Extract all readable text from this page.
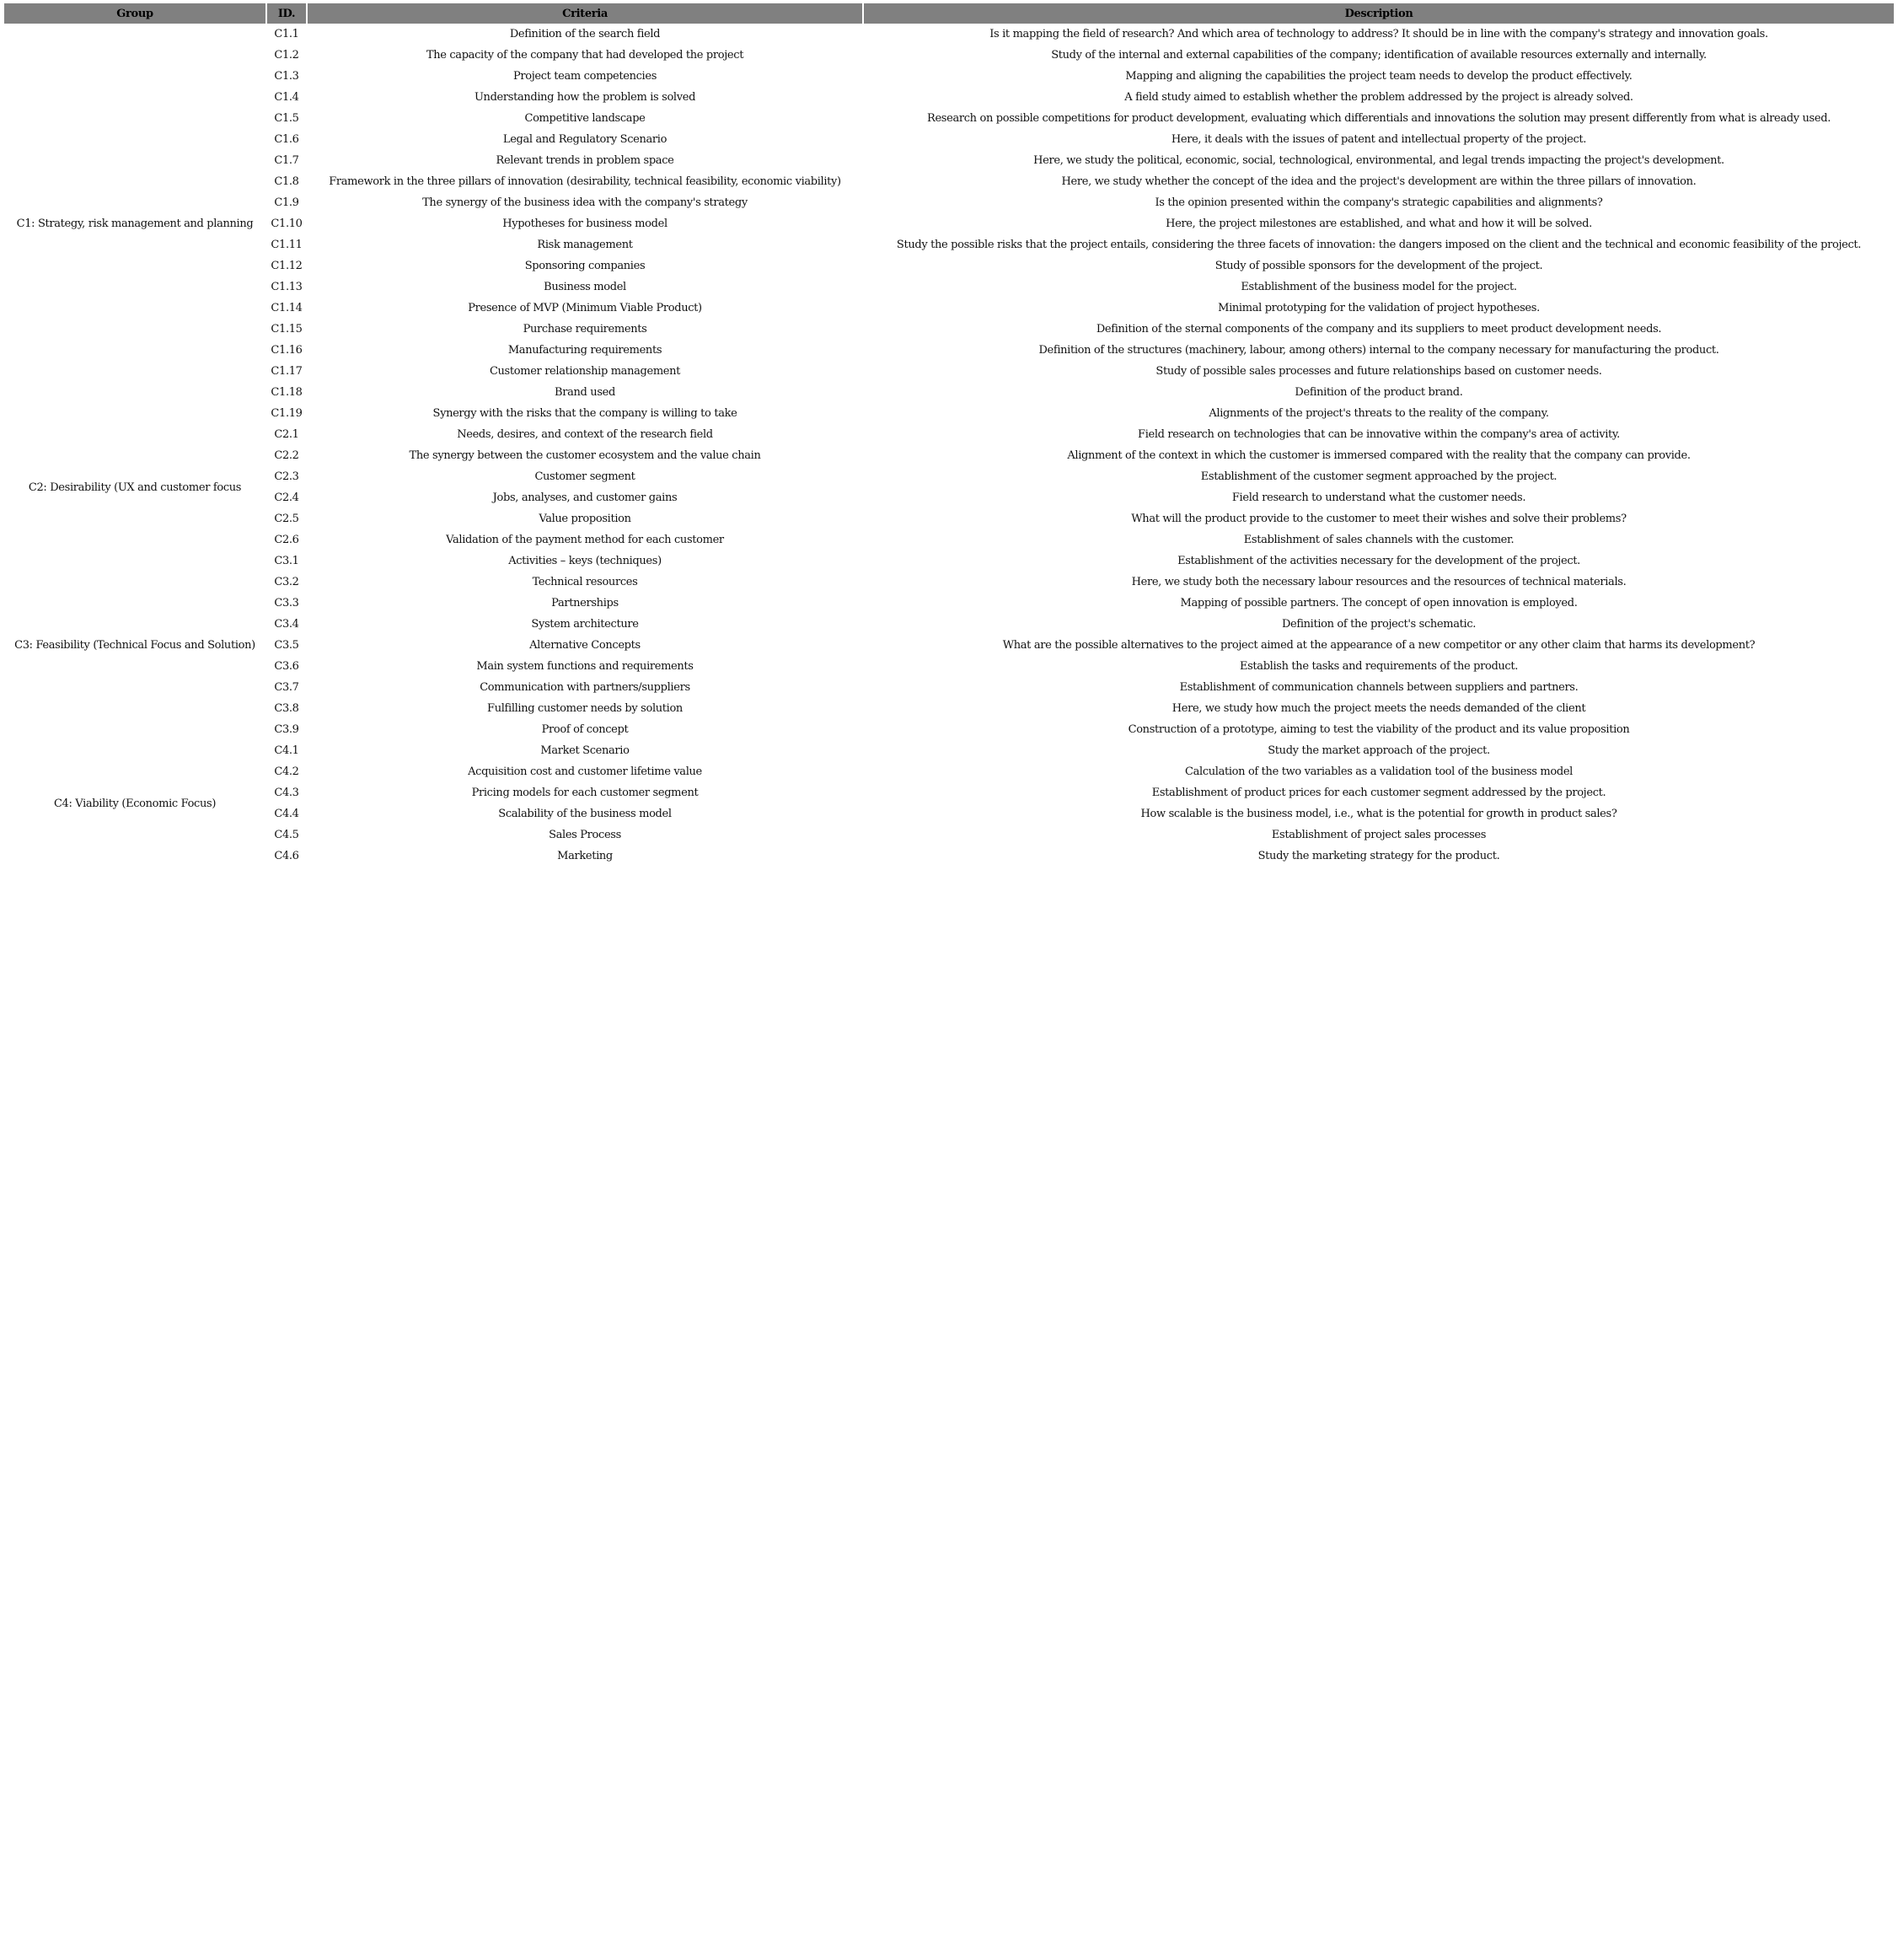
Group	ID.	Criteria	Description
C1: Strategy, risk management and planning	C1.1	Definition of the search field	Is it mapping the field of research? And which area of technology to address? It should be in line with the company's strategy and innovation goals.
	C1.2	The capacity of the company that had developed the project	Study of the internal and external capabilities of the company; identification of available resources externally and internally.
	C1.3	Project team competencies	Mapping and aligning the capabilities the project team needs to develop the product effectively.
	C1.4	Understanding how the problem is solved	A field study aimed to establish whether the problem addressed by the project is already solved.
	C1.5	Competitive landscape	Research on possible competitions for product development, evaluating which differentials and innovations the solution may present differently from what is already used.
	C1.6	Legal and Regulatory Scenario	Here, it deals with the issues of patent and intellectual property of the project.
	C1.7	Relevant trends in problem space	Here, we study the political, economic, social, technological, environmental, and legal trends impacting the project's development.
	C1.8	Framework in the three pillars of innovation (desirability, technical feasibility, economic viability)	Here, we study whether the concept of the idea and the project's development are within the three pillars of innovation.
	C1.9	The synergy of the business idea with the company's strategy	Is the opinion presented within the company's strategic capabilities and alignments?
	C1.10	Hypotheses for business model	Here, the project milestones are established, and what and how it will be solved.
	C1.11	Risk management	Study the possible risks that the project entails, considering the three facets of innovation: the dangers imposed on the client and the technical and economic feasibility of the project.
	C1.12	Sponsoring companies	Study of possible sponsors for the development of the project.
	C1.13	Business model	Establishment of the business model for the project.
	C1.14	Presence of MVP (Minimum Viable Product)	Minimal prototyping for the validation of project hypotheses.
	C1.15	Purchase requirements	Definition of the sternal components of the company and its suppliers to meet product development needs.
	C1.16	Manufacturing requirements	Definition of the structures (machinery, labour, among others) internal to the company necessary for manufacturing the product.
	C1.17	Customer relationship management	Study of possible sales processes and future relationships based on customer needs.
	C1.18	Brand used	Definition of the product brand.
	C1.19	Synergy with the risks that the company is willing to take	Alignments of the project's threats to the reality of the company.
C2: Desirability (UX and customer focus	C2.1	Needs, desires, and context of the research field	Field research on technologies that can be innovative within the company's area of activity.
	C2.2	The synergy between the customer ecosystem and the value chain	Alignment of the context in which the customer is immersed compared with the reality that the company can provide.
	C2.3	Customer segment	Establishment of the customer segment approached by the project.
	C2.4	Jobs, analyses, and customer gains	Field research to understand what the customer needs.
	C2.5	Value proposition	What will the product provide to the customer to meet their wishes and solve their problems?
	C2.6	Validation of the payment method for each customer	Establishment of sales channels with the customer.
C3: Feasibility (Technical Focus and Solution)	C3.1	Activities – keys (techniques)	Establishment of the activities necessary for the development of the project.
	C3.2	Technical resources	Here, we study both the necessary labour resources and the resources of technical materials.
	C3.3	Partnerships	Mapping of possible partners. The concept of open innovation is employed.
	C3.4	System architecture	Definition of the project's schematic.
	C3.5	Alternative Concepts	What are the possible alternatives to the project aimed at the appearance of a new competitor or any other claim that harms its development?
	C3.6	Main system functions and requirements	Establish the tasks and requirements of the product.
	C3.7	Communication with partners/suppliers	Establishment of communication channels between suppliers and partners.
	C3.8	Fulfilling customer needs by solution	Here, we study how much the project meets the needs demanded of the client
	C3.9	Proof of concept	Construction of a prototype, aiming to test the viability of the product and its value proposition
C4: Viability (Economic Focus)	C4.1	Market Scenario	Study the market approach of the project.
	C4.2	Acquisition cost and customer lifetime value	Calculation of the two variables as a validation tool of the business model
	C4.3	Pricing models for each customer segment	Establishment of product prices for each customer segment addressed by the project.
	C4.4	Scalability of the business model	How scalable is the business model, i.e., what is the potential for growth in product sales?
	C4.5	Sales Process	Establishment of project sales processes
	C4.6	Marketing	Study the marketing strategy for the product.
